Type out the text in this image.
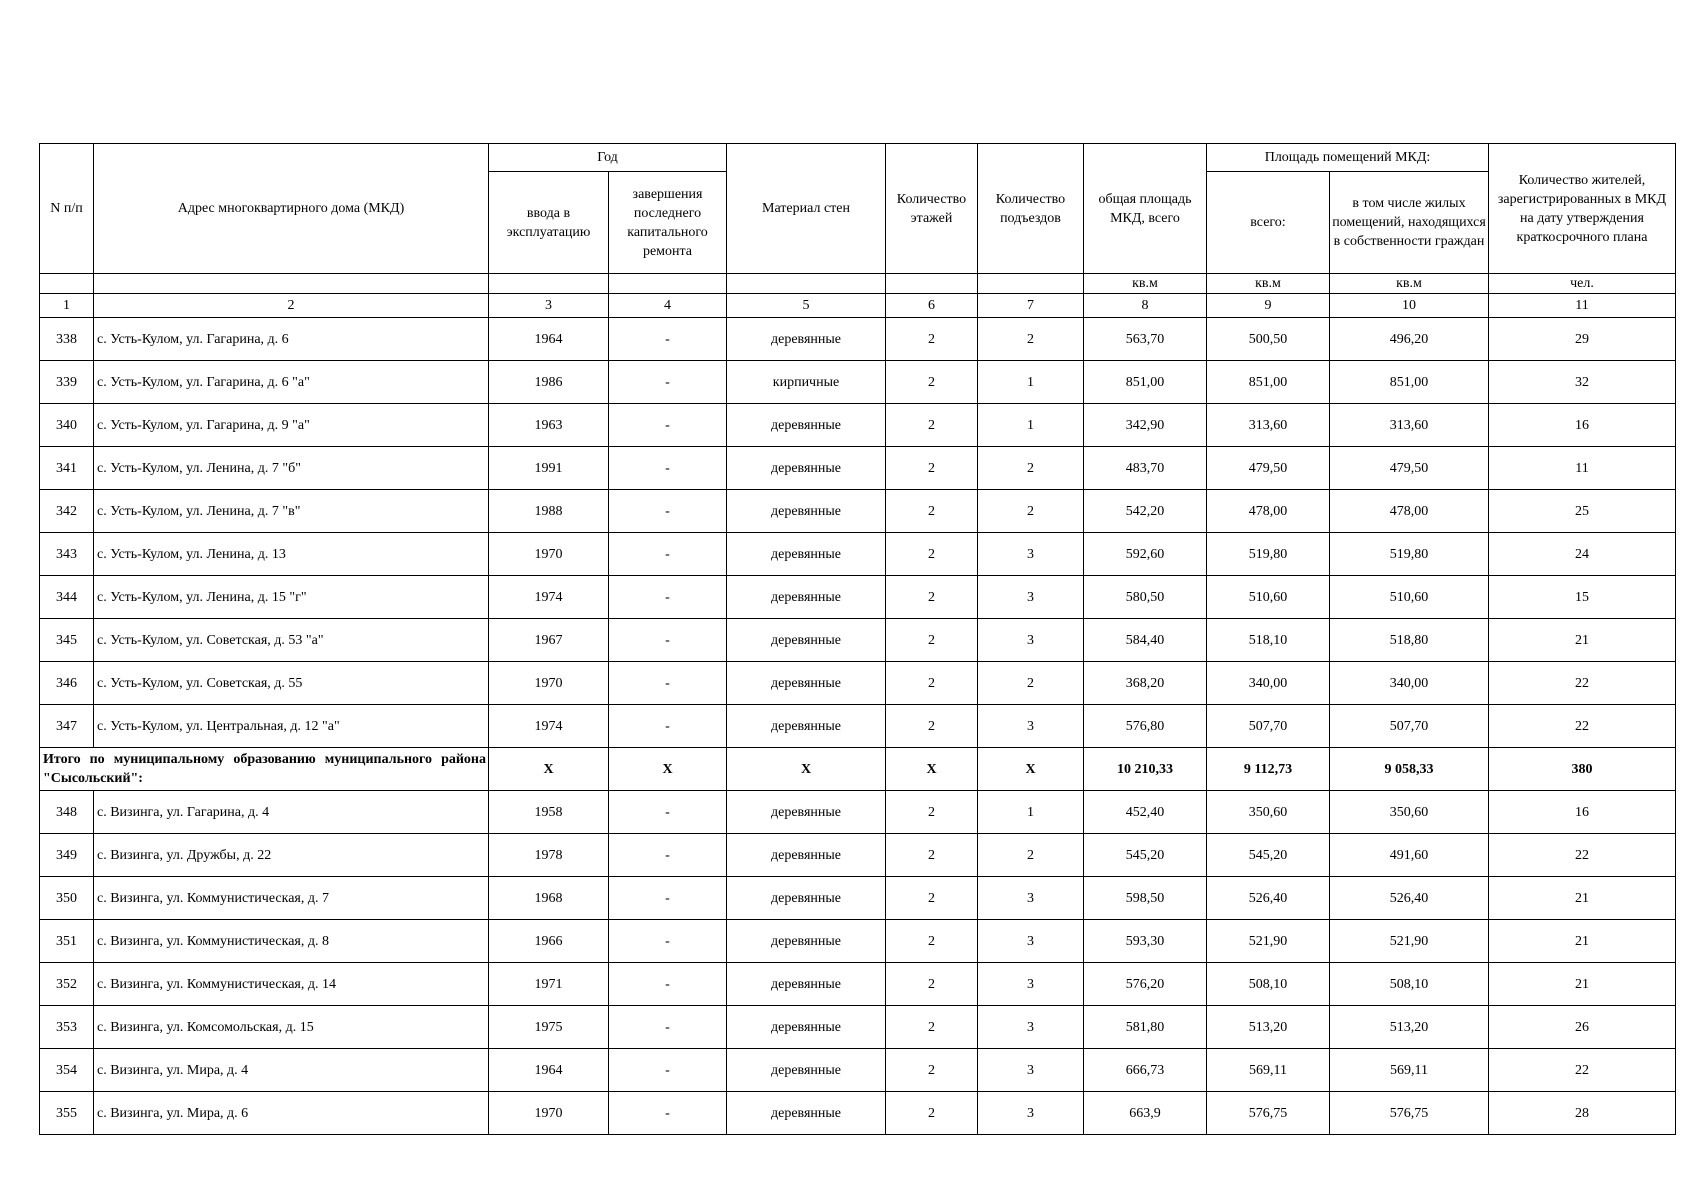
N п/п	Адрес многоквартирного дома (МКД)	Год		Материал стен	Количество этажей	Количество подъездов	общая площадь МКД, всего	Площадь помещений МКД:		Количество жителей, зарегистрированных в МКД на дату утверждения краткосрочного плана
		ввода в эксплуатацию	завершения последнего капитального ремонта					всего:	в том числе жилых помещений, находящихся в собственности граждан	
							кв.м	кв.м	кв.м	чел.
1	2	3	4	5	6	7	8	9	10	11
338	с. Усть-Кулом, ул. Гагарина, д. 6	1964	-	деревянные	2	2	563,70	500,50	496,20	29
339	с. Усть-Кулом, ул. Гагарина, д. 6 "а"	1986	-	кирпичные	2	1	851,00	851,00	851,00	32
340	с. Усть-Кулом, ул. Гагарина, д. 9 "а"	1963	-	деревянные	2	1	342,90	313,60	313,60	16
341	с. Усть-Кулом, ул. Ленина, д. 7 "б"	1991	-	деревянные	2	2	483,70	479,50	479,50	11
342	с. Усть-Кулом, ул. Ленина, д. 7 "в"	1988	-	деревянные	2	2	542,20	478,00	478,00	25
343	с. Усть-Кулом, ул. Ленина, д. 13	1970	-	деревянные	2	3	592,60	519,80	519,80	24
344	с. Усть-Кулом, ул. Ленина, д. 15 "г"	1974	-	деревянные	2	3	580,50	510,60	510,60	15
345	с. Усть-Кулом, ул. Советская, д. 53 "а"	1967	-	деревянные	2	3	584,40	518,10	518,80	21
346	с. Усть-Кулом, ул. Советская, д. 55	1970	-	деревянные	2	2	368,20	340,00	340,00	22
347	с. Усть-Кулом, ул. Центральная, д. 12 "а"	1974	-	деревянные	2	3	576,80	507,70	507,70	22
Итого по муниципальному образованию муниципального района "Сысольский":		X	X	X	X	X	10 210,33	9 112,73	9 058,33	380
348	с. Визинга, ул. Гагарина, д. 4	1958	-	деревянные	2	1	452,40	350,60	350,60	16
349	с. Визинга, ул. Дружбы, д. 22	1978	-	деревянные	2	2	545,20	545,20	491,60	22
350	с. Визинга, ул. Коммунистическая, д. 7	1968	-	деревянные	2	3	598,50	526,40	526,40	21
351	с. Визинга, ул. Коммунистическая, д. 8	1966	-	деревянные	2	3	593,30	521,90	521,90	21
352	с. Визинга, ул. Коммунистическая, д. 14	1971	-	деревянные	2	3	576,20	508,10	508,10	21
353	с. Визинга, ул. Комсомольская, д. 15	1975	-	деревянные	2	3	581,80	513,20	513,20	26
354	с. Визинга, ул. Мира, д. 4	1964	-	деревянные	2	3	666,73	569,11	569,11	22
355	с. Визинга, ул. Мира, д. 6	1970	-	деревянные	2	3	663,9	576,75	576,75	28
